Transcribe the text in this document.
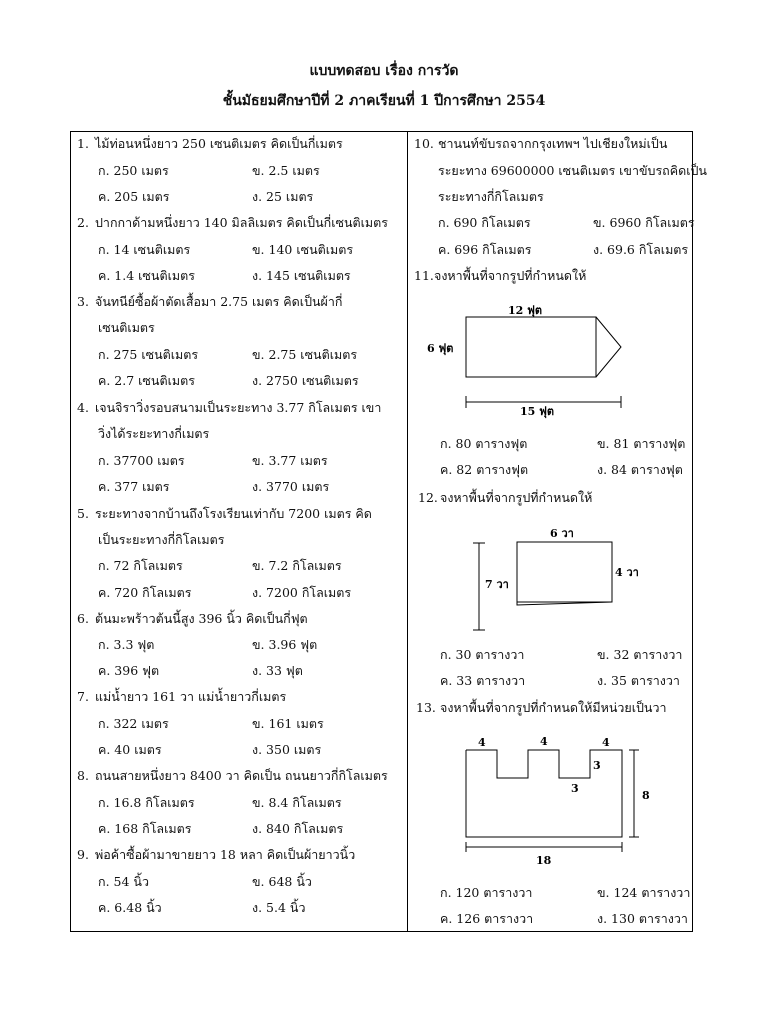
แบบทดสอบ เรื่อง การวัด
ชั้นมัธยมศึกษาปีที่ 2 ภาคเรียนที่ 1 ปีการศึกษา 2554
1. ไม้ท่อนหนึ่งยาว 250 เซนติเมตร คิดเป็นกี่เมตร
ก. 250 เมตร	ข. 2.5 เมตร
ค. 205 เมตร	ง. 25 เมตร
2. ปากกาด้ามหนึ่งยาว 140 มิลลิเมตร คิดเป็นกี่เซนติเมตร
ก. 14 เซนติเมตร	ข. 140 เซนติเมตร
ค. 1.4 เซนติเมตร	ง. 145 เซนติเมตร
3. จันทนีย์ซื้อผ้าตัดเสื้อมา 2.75 เมตร คิดเป็นผ้ากี่
เซนติเมตร
ก. 275 เซนติเมตร	ข. 2.75 เซนติเมตร
ค. 2.7 เซนติเมตร	ง. 2750 เซนติเมตร
4. เจนจิราวิ่งรอบสนามเป็นระยะทาง 3.77 กิโลเมตร เขา
วิ่งได้ระยะทางกี่เมตร
ก. 37700 เมตร	ข. 3.77 เมตร
ค. 377 เมตร	ง. 3770 เมตร
5. ระยะทางจากบ้านถึงโรงเรียนเท่ากับ 7200 เมตร คิด
เป็นระยะทางกี่กิโลเมตร
ก. 72 กิโลเมตร	ข. 7.2 กิโลเมตร
ค. 720 กิโลเมตร	ง. 7200 กิโลเมตร
6. ต้นมะพร้าวต้นนี้สูง 396 นิ้ว คิดเป็นกี่ฟุต
ก. 3.3 ฟุต	ข. 3.96 ฟุต
ค. 396 ฟุต	ง. 33 ฟุต
7. แม่น้ำยาว 161 วา แม่น้ำยาวกี่เมตร
ก. 322 เมตร	ข. 161 เมตร
ค. 40 เมตร	ง. 350 เมตร
8. ถนนสายหนึ่งยาว 8400 วา คิดเป็น ถนนยาวกี่กิโลเมตร
ก. 16.8 กิโลเมตร	ข. 8.4 กิโลเมตร
ค. 168 กิโลเมตร	ง. 840 กิโลเมตร
9. พ่อค้าซื้อผ้ามาขายยาว 18 หลา คิดเป็นผ้ายาวนิ้ว
ก. 54 นิ้ว	ข. 648 นิ้ว
ค. 6.48 นิ้ว	ง. 5.4 นิ้ว
10. ชานนท์ขับรถจากกรุงเทพฯ ไปเชียงใหม่เป็น
ระยะทาง 69600000 เซนติเมตร เขาขับรถคิดเป็น
ระยะทางกี่กิโลเมตร
ก. 690 กิโลเมตร	ข. 6960 กิโลเมตร
ค. 696 กิโลเมตร	ง. 69.6 กิโลเมตร
11. จงหาพื้นที่จากรูปที่กำหนดให้
12 ฟุต
6 ฟุต
15 ฟุต
ก. 80 ตารางฟุต	ข. 81 ตารางฟุต
ค. 82 ตารางฟุต	ง. 84 ตารางฟุต
12. จงหาพื้นที่จากรูปที่กำหนดให้
6 วา
4 วา
7 วา
ก. 30 ตารางวา	ข. 32 ตารางวา
ค. 33 ตารางวา	ง. 35 ตารางวา
13. จงหาพื้นที่จากรูปที่กำหนดให้มีหน่วยเป็นวา
4	4	4
3
3
8
18
ก. 120 ตารางวา	ข. 124 ตารางวา
ค. 126 ตารางวา	ง. 130 ตารางวา
